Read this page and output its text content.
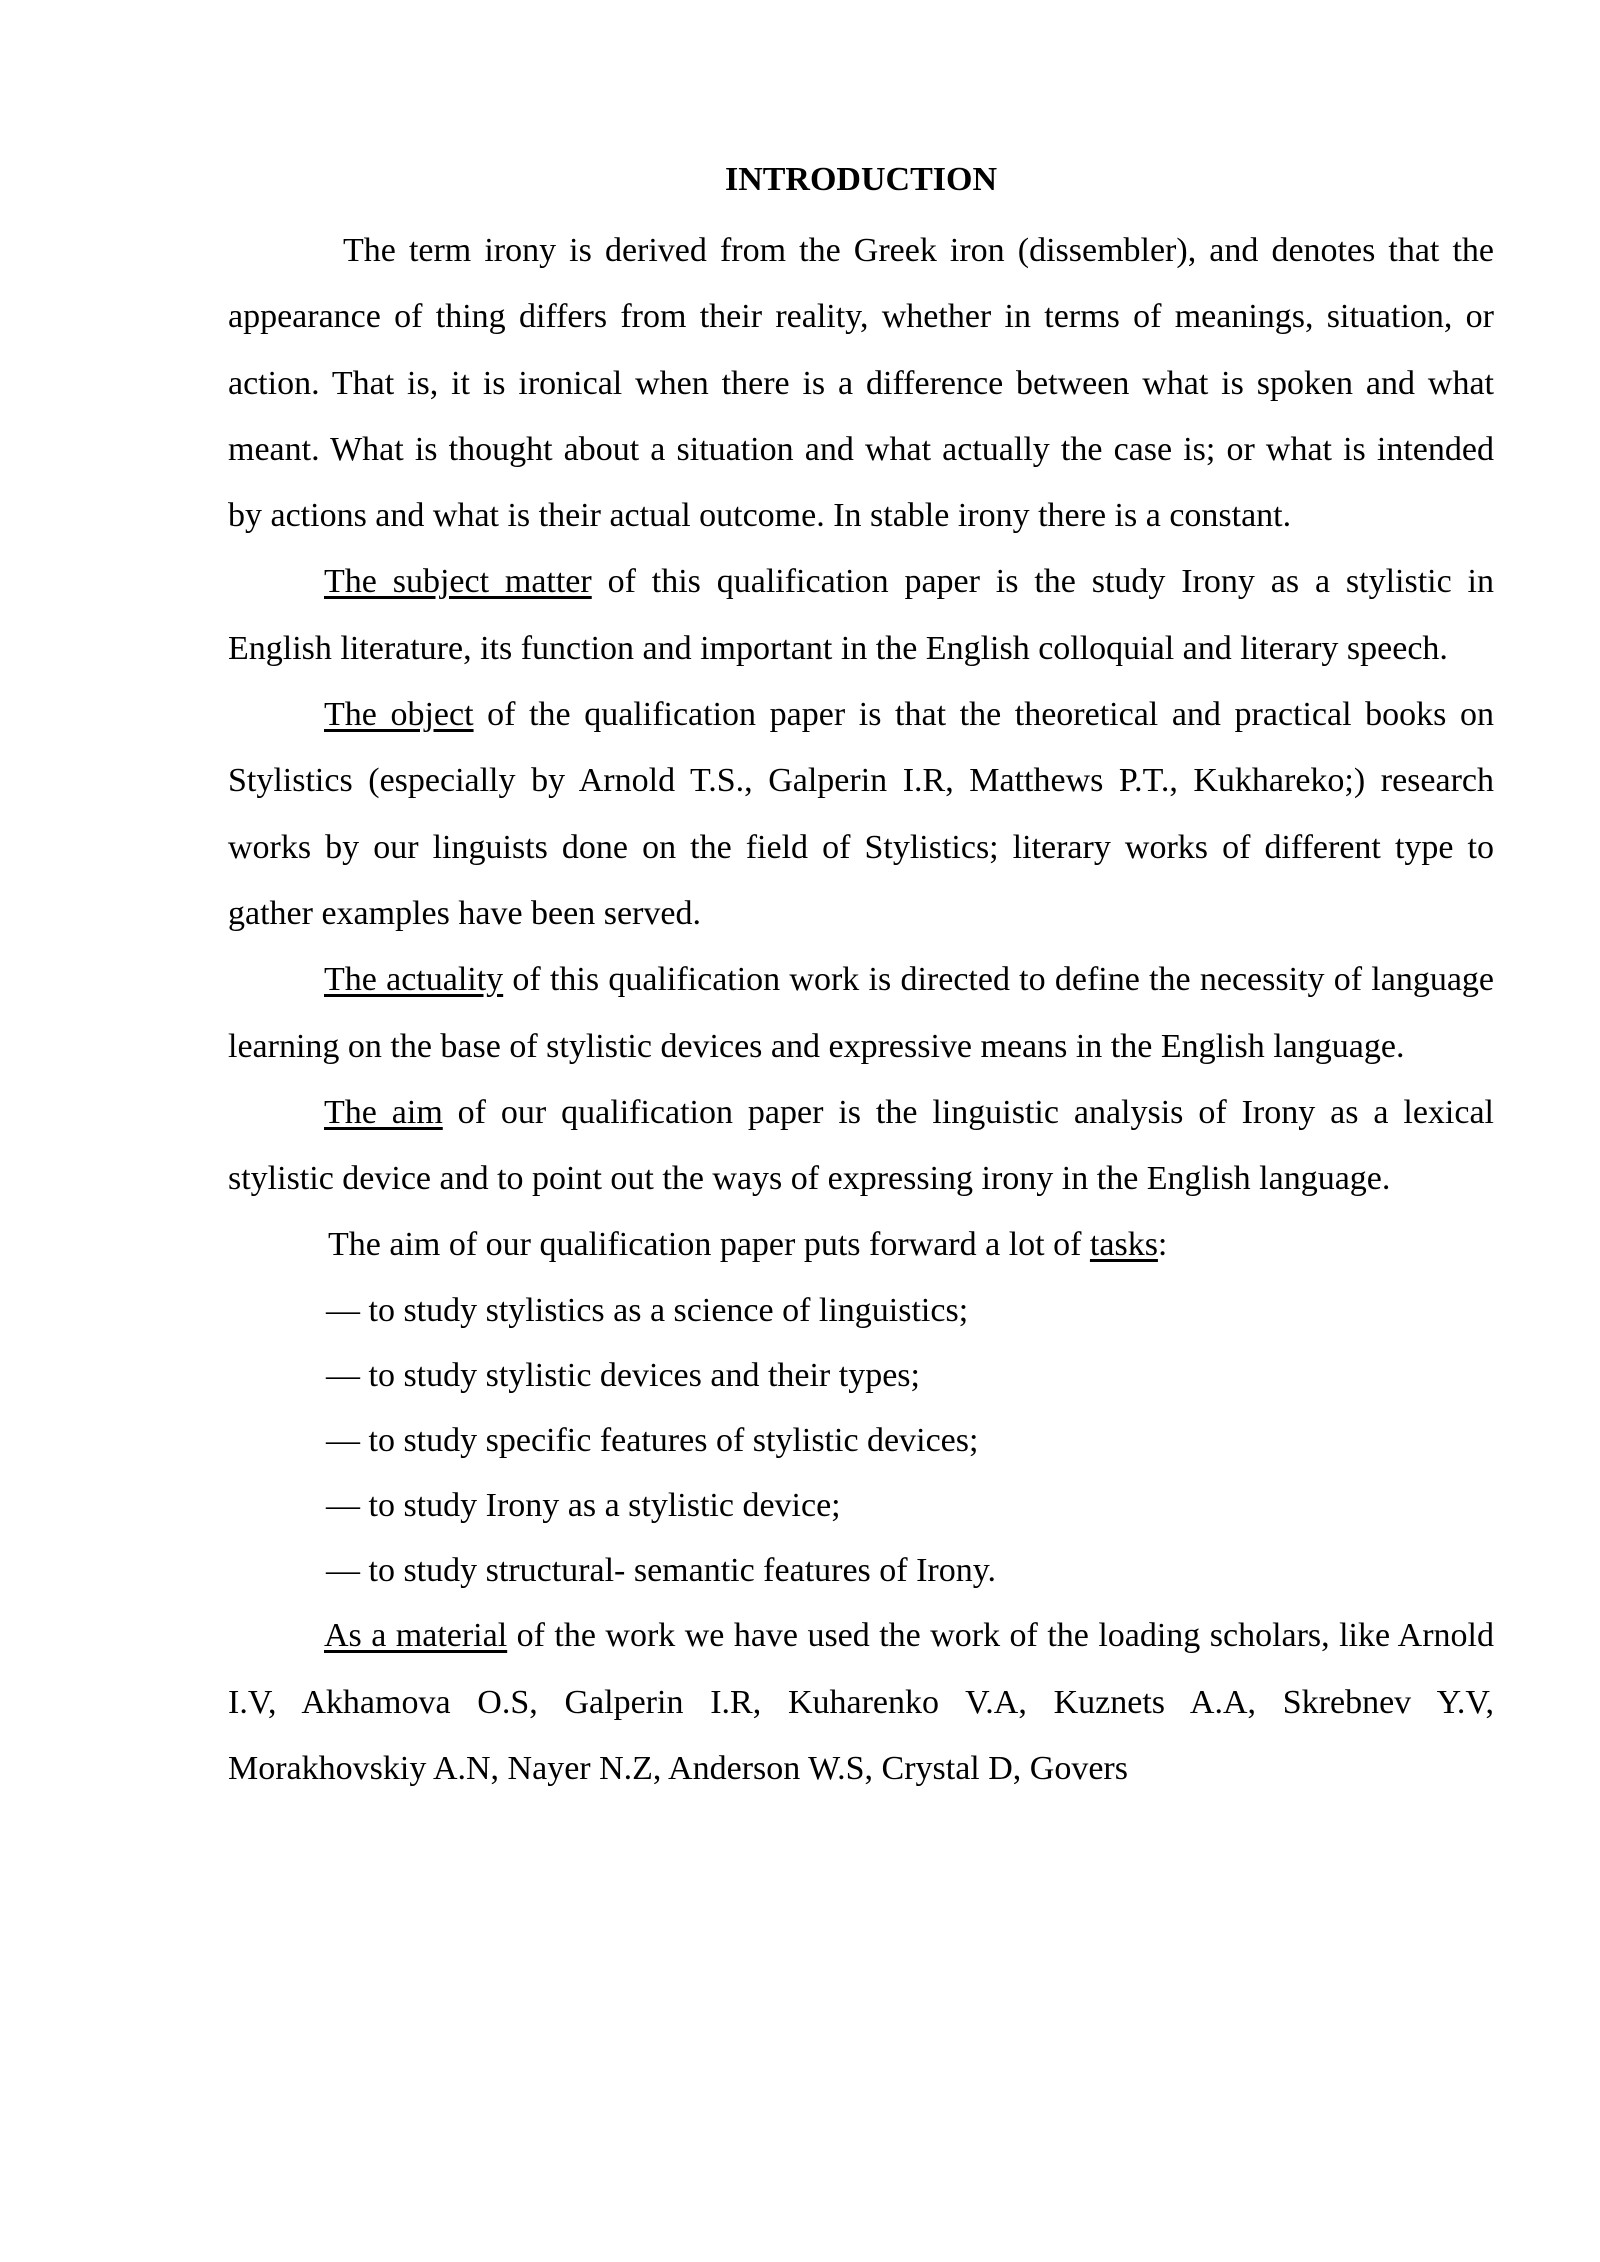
INTRODUCTION

The term irony is derived from the Greek iron (dissembler), and denotes that the appearance of thing differs from their reality, whether in terms of meanings, situation, or action. That is, it is ironical when there is a difference between what is spoken and what meant. What is thought about a situation and what actually the case is; or what is intended by actions and what is their actual outcome. In stable irony there is a constant.

The subject matter of this qualification paper is the study Irony as a stylistic in English literature, its function and important in the English colloquial and literary speech.

The object of the qualification paper is that the theoretical and practical books on Stylistics (especially by Arnold T.S., Galperin I.R, Matthews P.T., Kukhareko;) research works by our linguists done on the field of Stylistics; literary works of different type to gather examples have been served.

The actuality of this qualification work is directed to define the necessity of language learning on the base of stylistic devices and expressive means in the English language.

The aim of our qualification paper is the linguistic analysis of Irony as a lexical stylistic device and to point out the ways of expressing irony in the English language.

The aim of our qualification paper puts forward a lot of tasks:

— to study stylistics as a science of linguistics;
— to study stylistic devices and their types;
— to study specific features of stylistic devices;
— to study Irony as a stylistic device;
— to study structural- semantic features of Irony.

As a material of the work we have used the work of the loading scholars, like Arnold I.V, Akhamova O.S, Galperin I.R, Kuharenko V.A, Kuznets A.A, Skrebnev Y.V, Morakhovskiy A.N, Nayer N.Z, Anderson W.S, Crystal D, Govers
